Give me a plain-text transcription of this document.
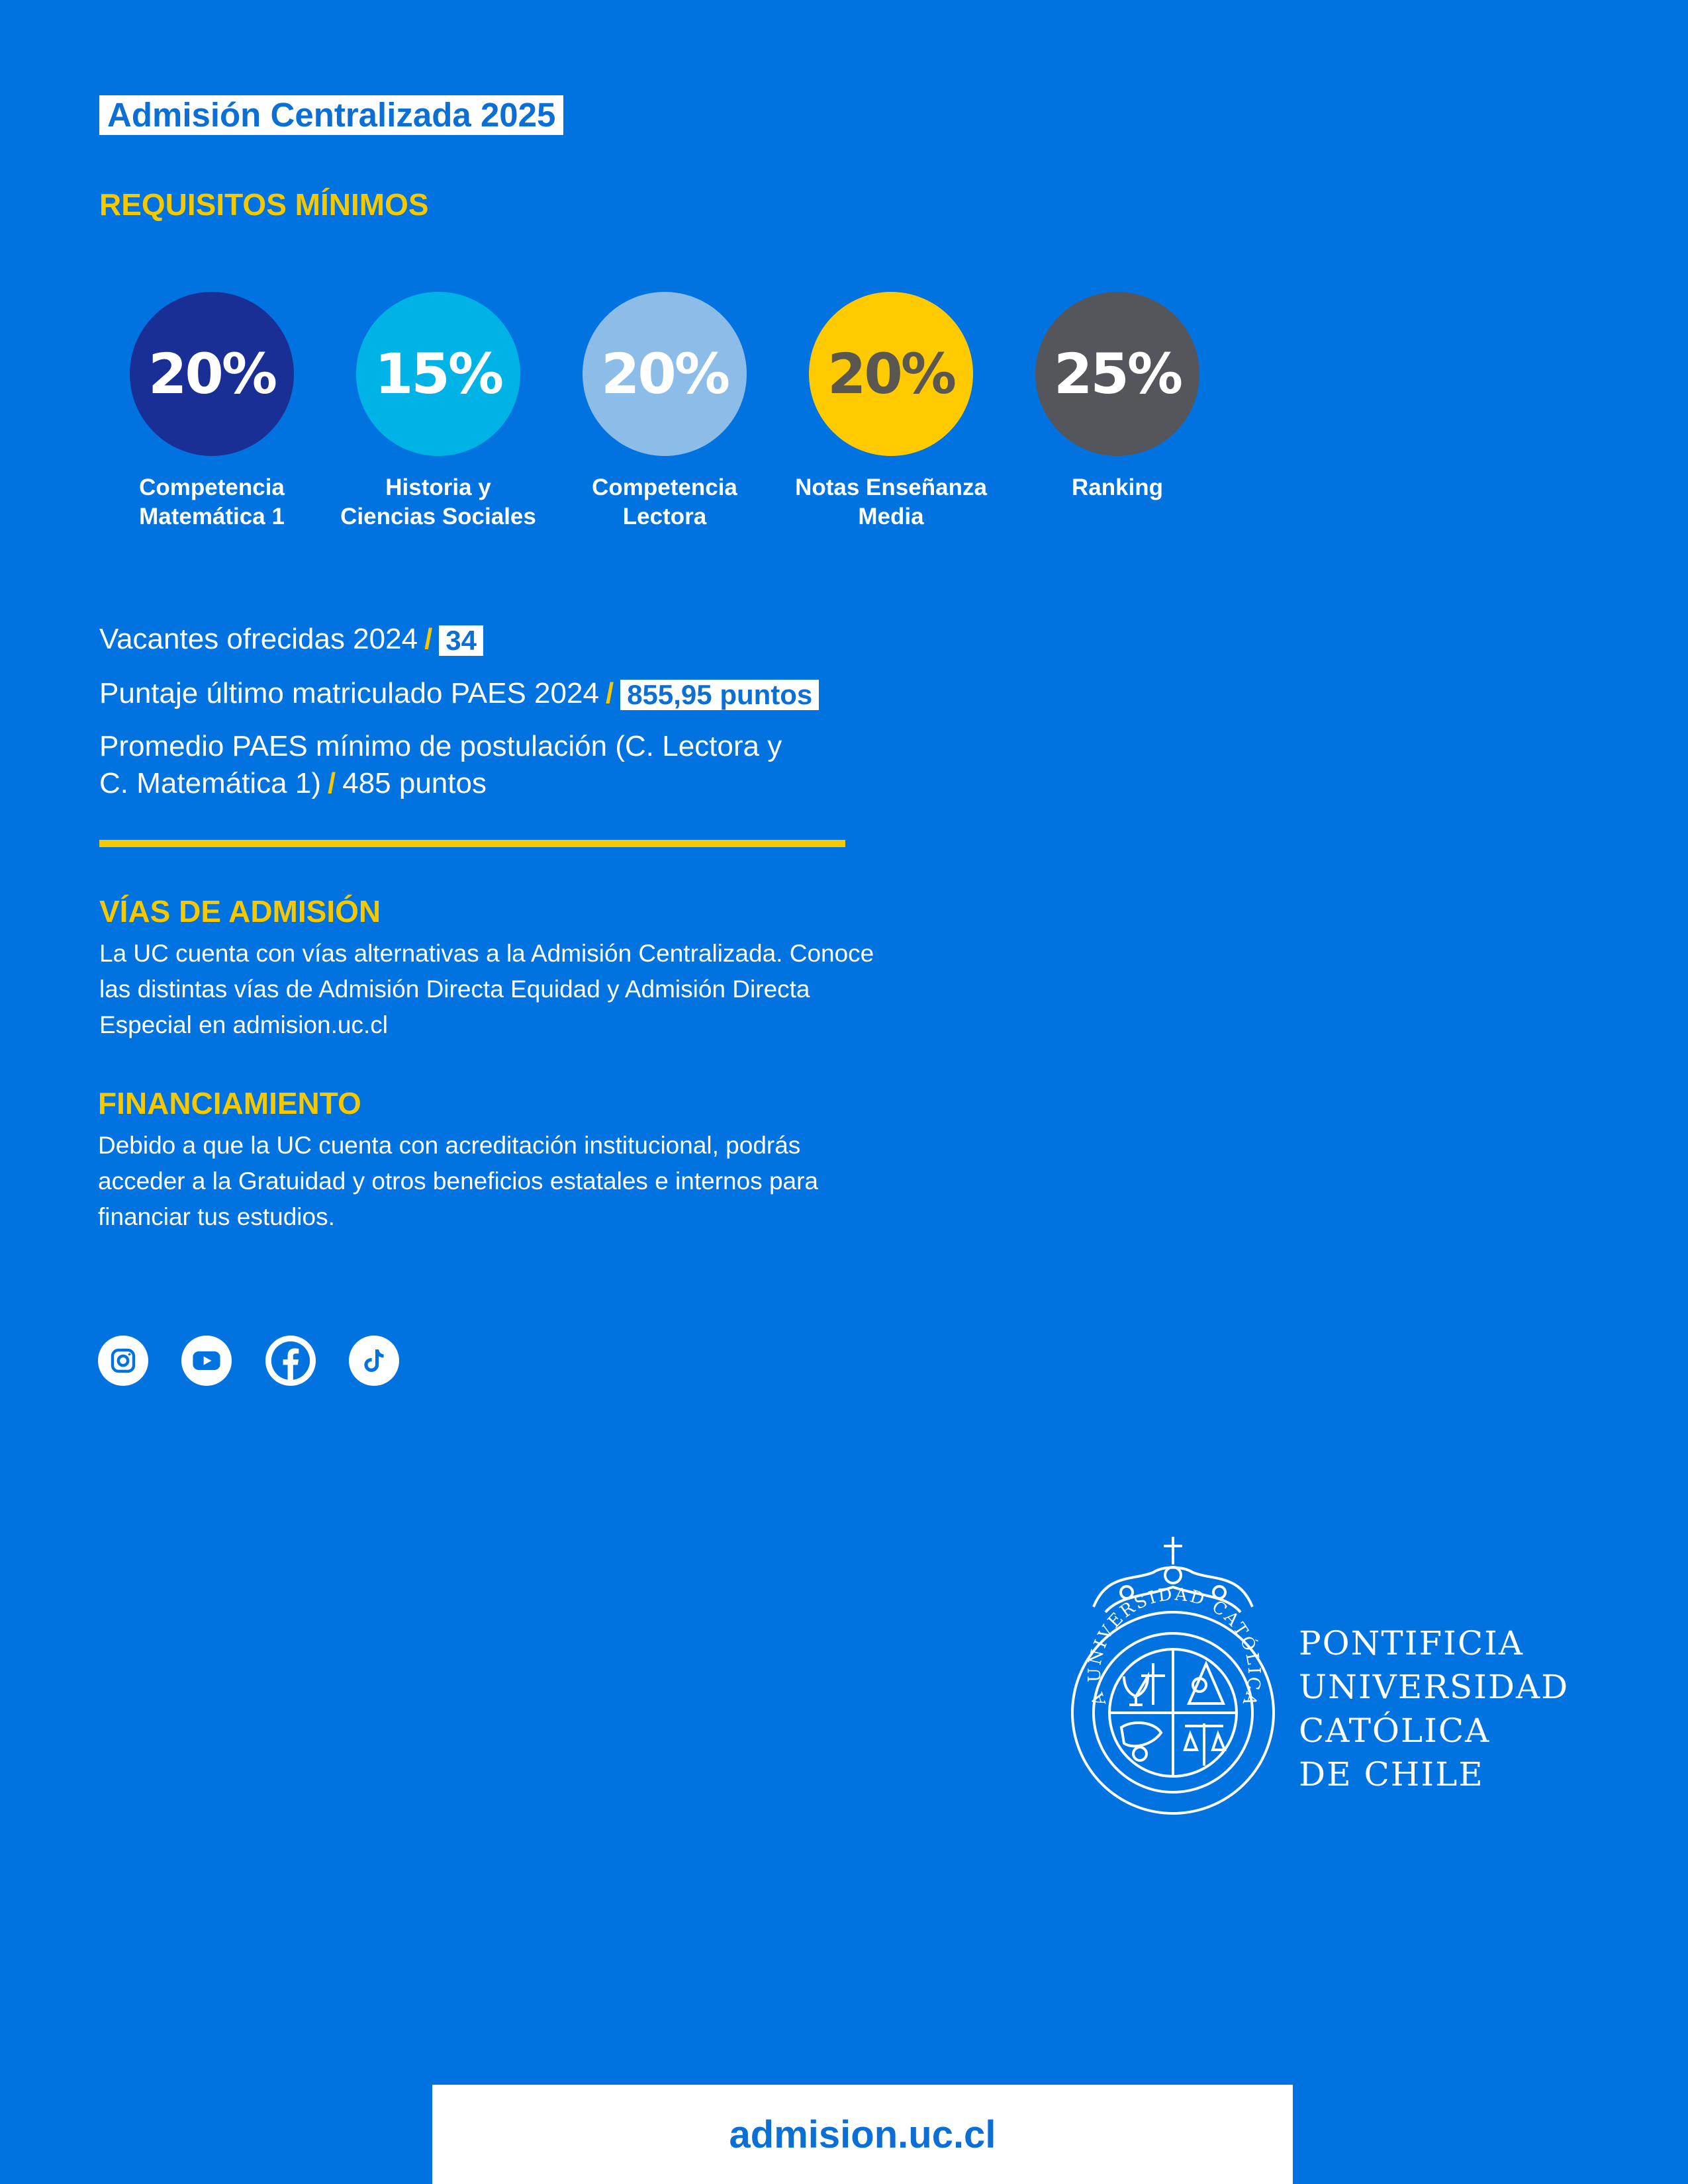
Admisión Centralizada 2025
REQUISITOS MÍNIMOS
20% 15% 20% 20% 25%
Competencia
Matemática 1
Historia y
Ciencias Sociales
Competencia
Lectora
Notas Enseñanza
Media
Ranking
Vacantes ofrecidas 2024 / 34
Puntaje último matriculado PAES 2024 / 855,95 puntos
Promedio PAES mínimo de postulación (C. Lectora y
C. Matemática 1) / 485 puntos
VÍAS DE ADMISIÓN
La UC cuenta con vías alternativas a la Admisión Centralizada. Conoce las distintas vías de Admisión Directa Equidad y Admisión Directa Especial en admision.uc.cl
FINANCIAMIENTO
Debido a que la UC cuenta con acreditación institucional, podrás acceder a la Gratuidad y otros beneficios estatales e internos para financiar tus estudios.
A UNIVERSIDAD CATÓLICA
PONTIFICIA
UNIVERSIDAD
CATÓLICA
DE CHILE
admision.uc.cl
